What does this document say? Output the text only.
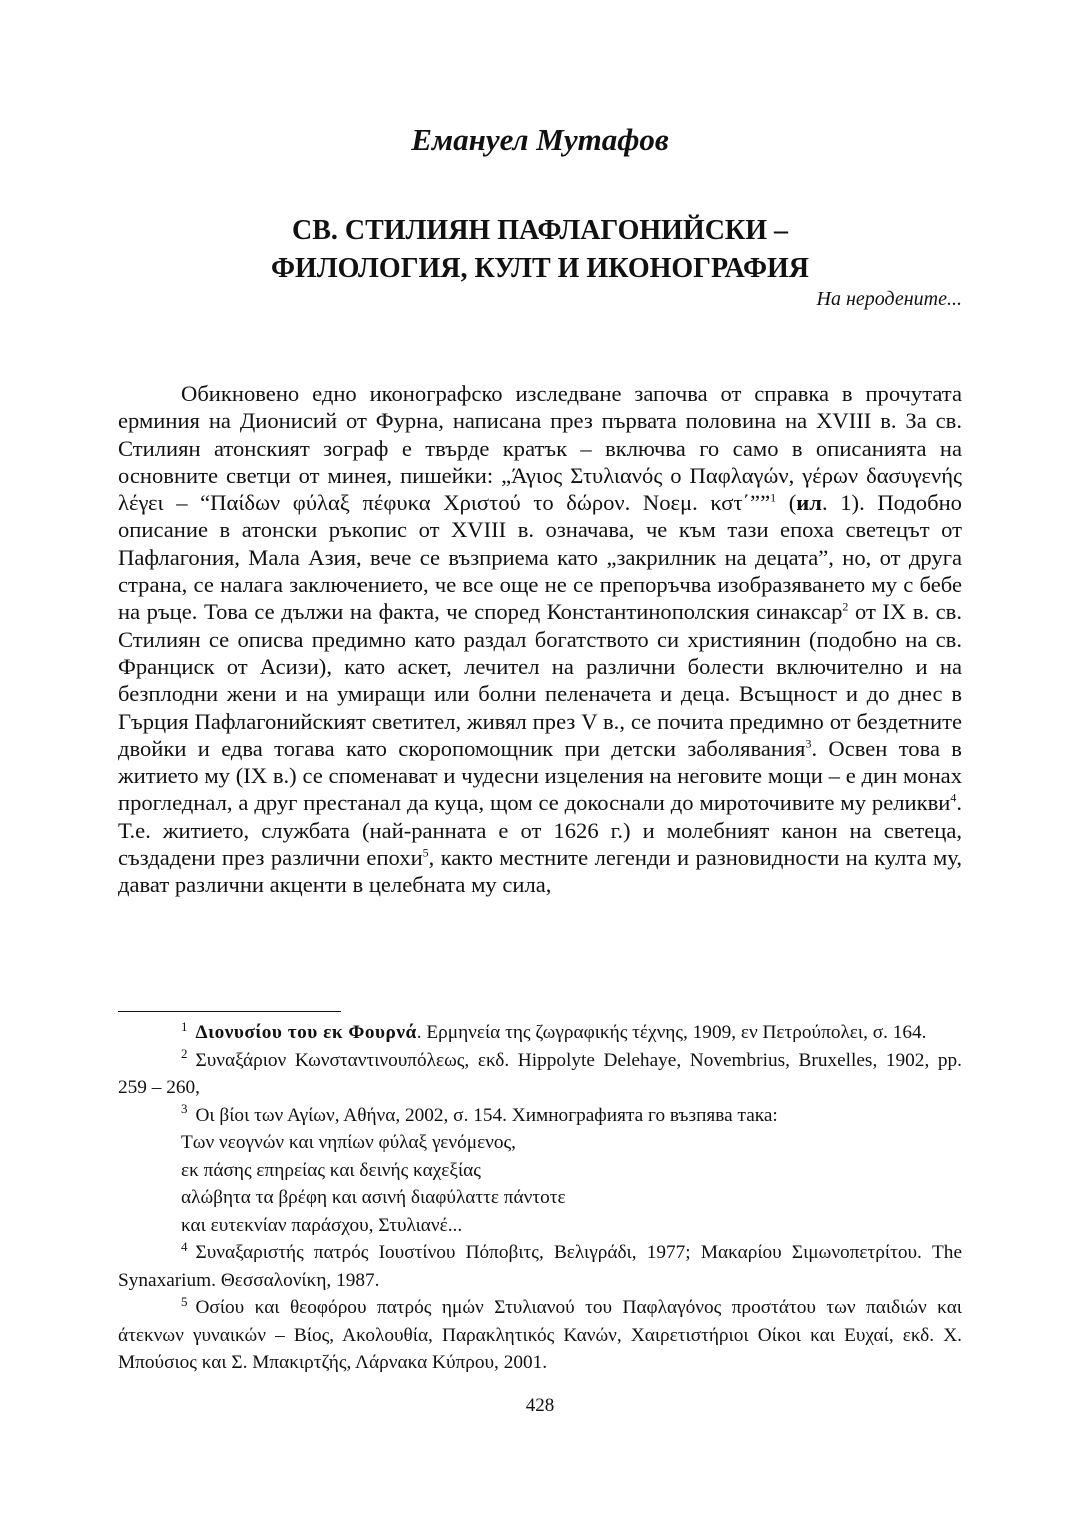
Емануел Мутафов
СВ. СТИЛИЯН ПАФЛАГОНИЙСКИ –
ФИЛОЛОГИЯ, КУЛТ И ИКОНОГРАФИЯ
На неродените...

Обикновено едно иконографско изследване започва от справка в прочутата ерминия на Дионисий от Фурна, написана през първата половина на XVIII в. За св. Стилиян атонският зограф е твърде кратък – включва го само в описанията на основните светци от минея, пишейки: „Άγιος Στυλιανός ο Παφλαγών, γέρων δασυγενής λέγει – “Παίδων φύλαξ πέφυκα Χριστού το δώρον. Νοεμ. κστ΄””$^1$ (ил. 1). Подобно описание в атонски ръкопис от XVIII в. означава, че към тази епоха светецът от Пафлагония, Мала Азия, вече се възприема като „закрилник на децата”, но, от друга страна, се налага заключението, че все още не се препоръчва изобразяването му с бебе на ръце. Това се дължи на факта, че според Константинополския синаксар$^2$ от IX в. св. Стилиян се описва предимно като раздал богатството си християнин (подобно на св. Франциск от Асизи), като аскет, лечител на различни болести включително и на безплодни жени и на умиращи или болни пеленачета и деца. Всъщност и до днес в Гърция Пафлагонийският светител, живял през V в., се почита предимно от бездетните двойки и едва тогава като скоропомощник при детски заболявания$^3$. Освен това в житието му (IX в.) се споменават и чудесни изцеления на неговите мощи – е дин монах прогледнал, а друг престанал да куца, щом се докоснали до мироточивите му реликви$^4$. Т.е. житието, службата (най-ранната е от 1626 г.) и молебният канон на светеца, създадени през различни епохи$^5$, както местните легенди и разновидности на култа му, дават различни акценти в целебната му сила,

$^1$ Διονυσίου του εκ Φουρνά. Ερμηνεία της ζωγραφικής τέχνης, 1909, εν Πετρούπολει, σ. 164.

$^2$ Συναξάριον Κωνσταντινουπόλεως, εκδ. Hippolyte Delehaye, Novembrius, Bruxelles, 1902, pp. 259 – 260,

$^3$ Οι βίοι των Αγίων, Αθήνα, 2002, σ. 154. Химнографията го възпява така:

Των νεογνών και νηπίων φύλαξ γενόμενος,

εκ πάσης επηρείας και δεινής καχεξίας

αλώβητα τα βρέφη και ασινή διαφύλαττε πάντοτε

και ευτεκνίαν παράσχου, Στυλιανέ...

$^4$ Συναξαριστής πατρός Ιουστίνου Πόποβιτς, Βελιγράδι, 1977; Μακαρίου Σιμωνοπετρίτου. The Synaxarium. Θεσσαλονίκη, 1987.

$^5$ Οσίου και θεοφόρου πατρός ημών Στυλιανού του Παφλαγόνος προστάτου των παιδιών και άτεκνων γυναικών – Βίος, Ακολουθία, Παρακλητικός Κανών, Χαιρετιστήριοι Οίκοι και Ευχαί, εκδ. Χ. Μπούσιος και Σ. Μπακιρτζής, Λάρνακα Κύπρου, 2001.

428
